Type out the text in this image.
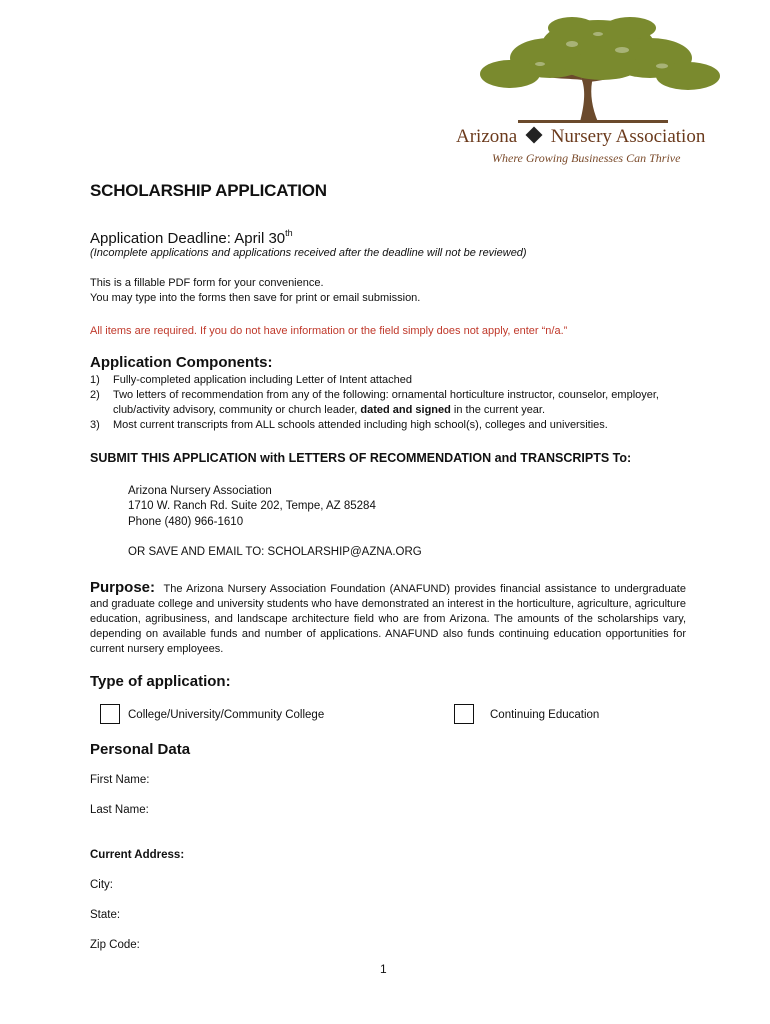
Arizona Nursery Association
Where Growing Businesses Can Thrive
SCHOLARSHIP APPLICATION
Application Deadline: April 30th
(Incomplete applications and applications received after the deadline will not be reviewed)
This is a fillable PDF form for your convenience.
You may type into the forms then save for print or email submission.
All items are required. If you do not have information or the field simply does not apply, enter “n/a.”
Application Components:
1) Fully-completed application including Letter of Intent attached
2) Two letters of recommendation from any of the following: ornamental horticulture instructor, counselor, employer, club/activity advisory, community or church leader, dated and signed in the current year.
3) Most current transcripts from ALL schools attended including high school(s), colleges and universities.
SUBMIT THIS APPLICATION with LETTERS OF RECOMMENDATION and TRANSCRIPTS To:
Arizona Nursery Association
1710 W. Ranch Rd. Suite 202, Tempe, AZ 85284
Phone (480) 966-1610
OR SAVE AND EMAIL TO: SCHOLARSHIP@AZNA.ORG
Purpose: The Arizona Nursery Association Foundation (ANAFUND) provides financial assistance to undergraduate and graduate college and university students who have demonstrated an interest in the horticulture, agriculture, agriculture education, agribusiness, and landscape architecture field who are from Arizona. The amounts of the scholarships vary, depending on available funds and number of applications. ANAFUND also funds continuing education opportunities for current nursery employees.
Type of application:
College/University/Community College	Continuing Education
Personal Data
First Name:
Last Name:
Current Address:
City:
State:
Zip Code:
1
